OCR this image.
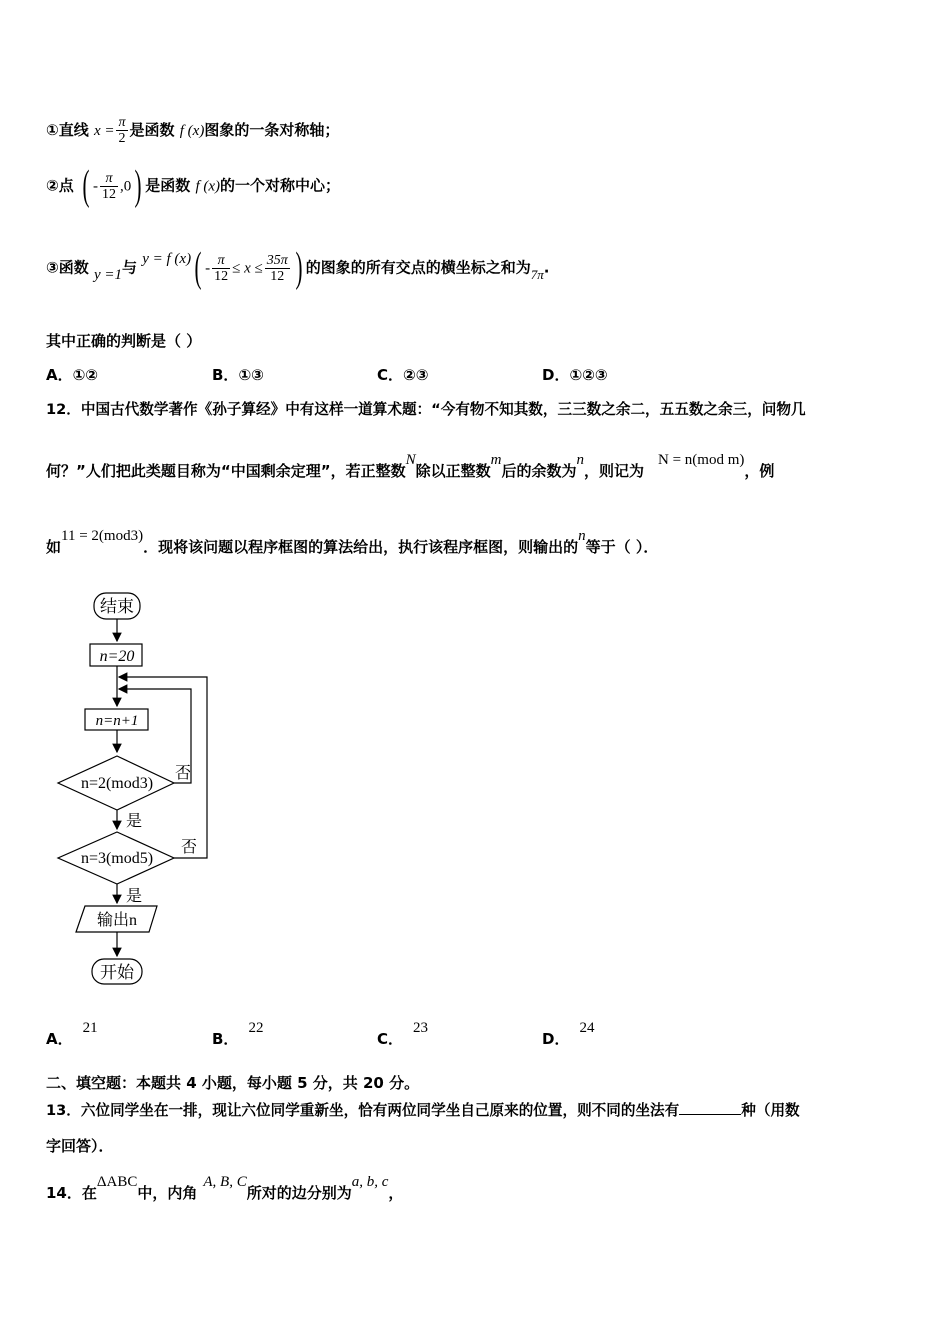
①直线 $x = \frac{\pi}{2}$ 是函数 f (x)图象的一条对称轴；
②点 ( - $\frac{\pi}{12} ,0$) 是函数 f (x)的一个对称中心；
③函数 y =1与 y = f $(x)( - \frac{\pi}{12} \le x \le \frac{35\pi}{12}$ ) 的图象的所有交点的横坐标之和为7π.
其中正确的判断是（ ）
A．①②	B．①③	C．②③	D．①②③
12．中国古代数学著作《孙子算经》中有这样一道算术题：“今有物不知其数，三三数之余二，五五数之余三，问物几
何？”人们把此类题目称为“中国剩余定理”，若正整数N除以正整数m后的余数为n，则记为N = n(mod m)，例
如11 = 2(mod3)．现将该问题以程序框图的算法给出，执行该程序框图，则输出的n等于（ ）．
结束
n=20
n=n+1
n=2(mod3)
n=3(mod5)
否
否
是
是
输出n
开始
A．21
B．22
C．23
D．24
二、填空题：本题共 4 小题，每小题 5 分，共 20 分。
13．六位同学坐在一排，现让六位同学重新坐，恰有两位同学坐自己原来的位置，则不同的坐法有	种（用数
字回答）．
14．在ΔABC中，内角A, B, C所对的边分别为a, b, c，
